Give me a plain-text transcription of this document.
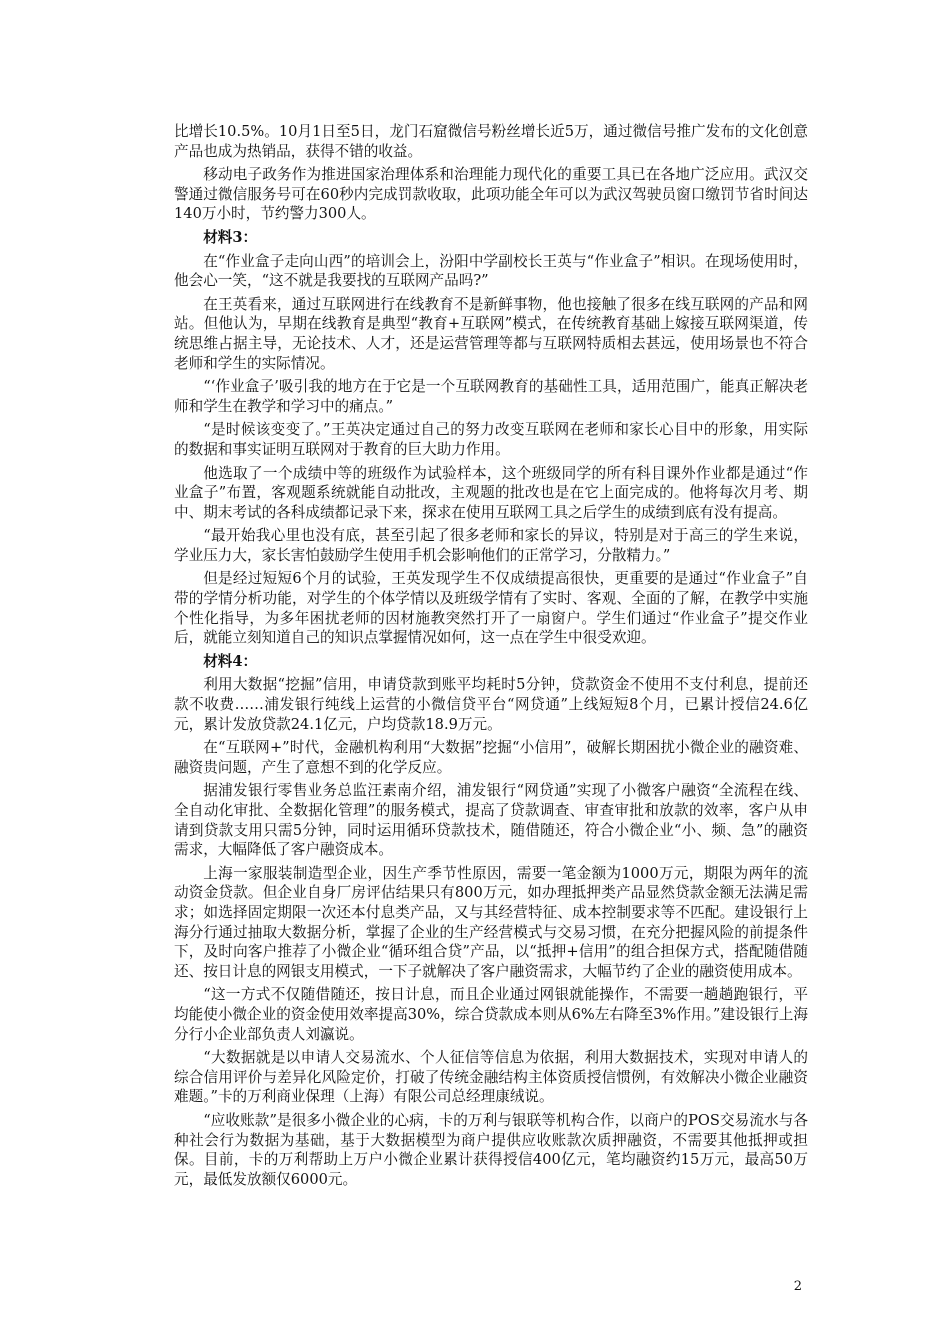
比增长10.5%。10月1日至5日，龙门石窟微信号粉丝增长近5万，通过微信号推广发布的文化创意产品也成为热销品，获得不错的收益。

移动电子政务作为推进国家治理体系和治理能力现代化的重要工具已在各地广泛应用。武汉交警通过微信服务号可在60秒内完成罚款收取，此项功能全年可以为武汉驾驶员窗口缴罚节省时间达140万小时，节约警力300人。

材料3：

在“作业盒子走向山西”的培训会上，汾阳中学副校长王英与“作业盒子”相识。在现场使用时，他会心一笑，“这不就是我要找的互联网产品吗?”

在王英看来，通过互联网进行在线教育不是新鲜事物，他也接触了很多在线互联网的产品和网站。但他认为，早期在线教育是典型“教育+互联网”模式，在传统教育基础上嫁接互联网渠道，传统思维占据主导，无论技术、人才，还是运营管理等都与互联网特质相去甚远，使用场景也不符合老师和学生的实际情况。

“‘作业盒子’吸引我的地方在于它是一个互联网教育的基础性工具，适用范围广，能真正解决老师和学生在教学和学习中的痛点。”

“是时候该变变了。”王英决定通过自己的努力改变互联网在老师和家长心目中的形象，用实际的数据和事实证明互联网对于教育的巨大助力作用。

他选取了一个成绩中等的班级作为试验样本，这个班级同学的所有科目课外作业都是通过“作业盒子”布置，客观题系统就能自动批改，主观题的批改也是在它上面完成的。他将每次月考、期中、期末考试的各科成绩都记录下来，探求在使用互联网工具之后学生的成绩到底有没有提高。

“最开始我心里也没有底，甚至引起了很多老师和家长的异议，特别是对于高三的学生来说，学业压力大，家长害怕鼓励学生使用手机会影响他们的正常学习，分散精力。”

但是经过短短6个月的试验，王英发现学生不仅成绩提高很快，更重要的是通过“作业盒子”自带的学情分析功能，对学生的个体学情以及班级学情有了实时、客观、全面的了解，在教学中实施个性化指导，为多年困扰老师的因材施教突然打开了一扇窗户。学生们通过“作业盒子”提交作业后，就能立刻知道自己的知识点掌握情况如何，这一点在学生中很受欢迎。

材料4：

利用大数据“挖掘”信用，申请贷款到账平均耗时5分钟，贷款资金不使用不支付利息，提前还款不收费……浦发银行纯线上运营的小微信贷平台“网贷通”上线短短8个月，已累计授信24.6亿元，累计发放贷款24.1亿元，户均贷款18.9万元。

在“互联网+”时代，金融机构利用“大数据”挖掘“小信用”，破解长期困扰小微企业的融资难、融资贵问题，产生了意想不到的化学反应。

据浦发银行零售业务总监汪素南介绍，浦发银行“网贷通”实现了小微客户融资“全流程在线、全自动化审批、全数据化管理”的服务模式，提高了贷款调查、审查审批和放款的效率，客户从申请到贷款支用只需5分钟，同时运用循环贷款技术，随借随还，符合小微企业“小、频、急”的融资需求，大幅降低了客户融资成本。

上海一家服装制造型企业，因生产季节性原因，需要一笔金额为1000万元，期限为两年的流动资金贷款。但企业自身厂房评估结果只有800万元，如办理抵押类产品显然贷款金额无法满足需求；如选择固定期限一次还本付息类产品，又与其经营特征、成本控制要求等不匹配。建设银行上海分行通过抽取大数据分析，掌握了企业的生产经营模式与交易习惯，在充分把握风险的前提条件下，及时向客户推荐了小微企业“循环组合贷”产品，以“抵押+信用”的组合担保方式，搭配随借随还、按日计息的网银支用模式，一下子就解决了客户融资需求，大幅节约了企业的融资使用成本。

“这一方式不仅随借随还，按日计息，而且企业通过网银就能操作，不需要一趟趟跑银行，平均能使小微企业的资金使用效率提高30%，综合贷款成本则从6%左右降至3%作用。”建设银行上海分行小企业部负责人刘瀛说。

“大数据就是以申请人交易流水、个人征信等信息为依据，利用大数据技术，实现对申请人的综合信用评价与差异化风险定价，打破了传统金融结构主体资质授信惯例，有效解决小微企业融资难题。”卡的万利商业保理（上海）有限公司总经理康绒说。

“应收账款”是很多小微企业的心病，卡的万利与银联等机构合作，以商户的POS交易流水与各种社会行为数据为基础，基于大数据模型为商户提供应收账款次质押融资，不需要其他抵押或担保。目前，卡的万利帮助上万户小微企业累计获得授信400亿元，笔均融资约15万元，最高50万元，最低发放额仅6000元。

2
